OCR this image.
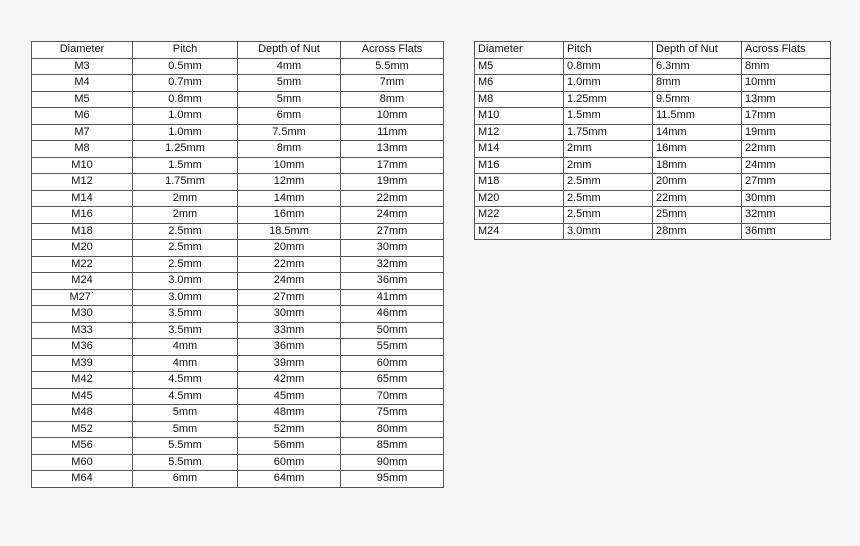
Diameter	Pitch	Depth of Nut	Across Flats
M3	0.5mm	4mm	5.5mm
M4	0.7mm	5mm	7mm
M5	0.8mm	5mm	8mm
M6	1.0mm	6mm	10mm
M7	1.0mm	7.5mm	11mm
M8	1.25mm	8mm	13mm
M10	1.5mm	10mm	17mm
M12	1.75mm	12mm	19mm
M14	2mm	14mm	22mm
M16	2mm	16mm	24mm
M18	2.5mm	18.5mm	27mm
M20	2.5mm	20mm	30mm
M22	2.5mm	22mm	32mm
M24	3.0mm	24mm	36mm
M27`	3.0mm	27mm	41mm
M30	3.5mm	30mm	46mm
M33	3.5mm	33mm	50mm
M36	4mm	36mm	55mm
M39	4mm	39mm	60mm
M42	4.5mm	42mm	65mm
M45	4.5mm	45mm	70mm
M48	5mm	48mm	75mm
M52	5mm	52mm	80mm
M56	5.5mm	56mm	85mm
M60	5.5mm	60mm	90mm
M64	6mm	64mm	95mm
Diameter	Pitch	Depth of Nut	Across Flats
M5	0.8mm	6.3mm	8mm
M6	1.0mm	8mm	10mm
M8	1.25mm	9.5mm	13mm
M10	1.5mm	11.5mm	17mm
M12	1.75mm	14mm	19mm
M14	2mm	16mm	22mm
M16	2mm	18mm	24mm
M18	2.5mm	20mm	27mm
M20	2.5mm	22mm	30mm
M22	2.5mm	25mm	32mm
M24	3.0mm	28mm	36mm
